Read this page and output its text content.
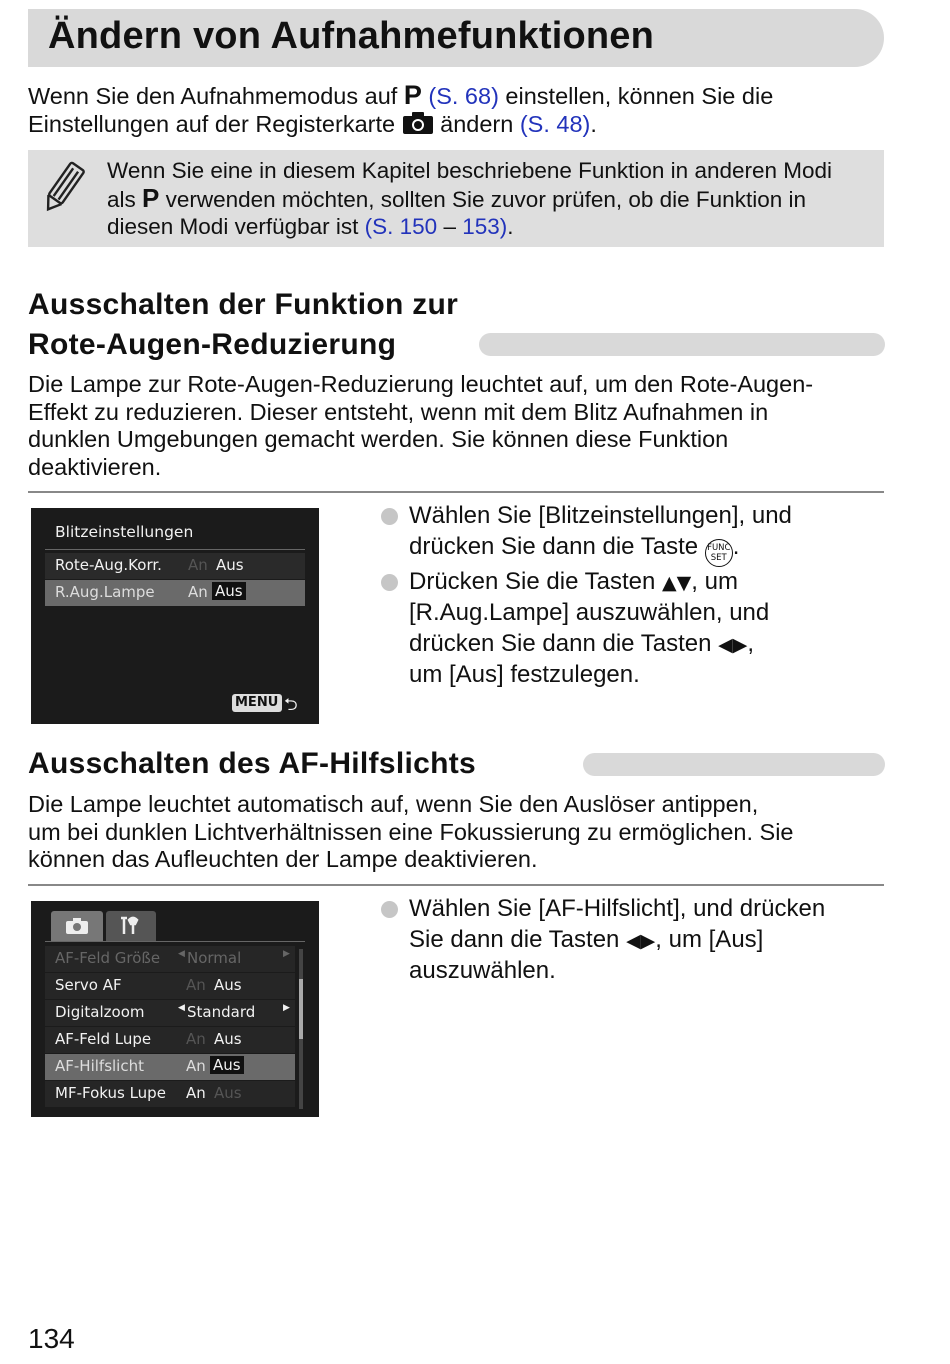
Ändern von Aufnahmefunktionen
Wenn Sie den Aufnahmemodus auf P (S. 68) einstellen, können Sie die
Einstellungen auf der Registerkarte  ändern (S. 48).
Wenn Sie eine in diesem Kapitel beschriebene Funktion in anderen Modi
als P verwenden möchten, sollten Sie zuvor prüfen, ob die Funktion in
diesen Modi verfügbar ist (S. 150 – 153).
Ausschalten der Funktion zur
Rote-Augen-Reduzierung
Die Lampe zur Rote-Augen-Reduzierung leuchtet auf, um den Rote-Augen-
Effekt zu reduzieren. Dieser entsteht, wenn mit dem Blitz Aufnahmen in
dunklen Umgebungen gemacht werden. Sie können diese Funktion
deaktivieren.
Blitzeinstellungen
Rote-Aug.Korr. An Aus
R.Aug.Lampe An Aus
MENU ⮌
Wählen Sie [Blitzeinstellungen], und
drücken Sie dann die Taste FUNC
SET .
Drücken Sie die Tasten ▲▼, um
[R.Aug.Lampe] auszuwählen, und
drücken Sie dann die Tasten ◀▶,
um [Aus] festzulegen.
Ausschalten des AF-Hilfslichts
Die Lampe leuchtet automatisch auf, wenn Sie den Auslöser antippen,
um bei dunklen Lichtverhältnissen eine Fokussierung zu ermöglichen. Sie
können das Aufleuchten der Lampe deaktivieren.
AF-Feld Größe ◀ Normal	▶
Servo AF	An Aus
Digitalzoom	◀ Standard	▶
AF-Feld Lupe An Aus
AF-Hilfslicht	An Aus
MF-Fokus Lupe An Aus
Wählen Sie [AF-Hilfslicht], und drücken
Sie dann die Tasten ◀▶, um [Aus]
auszuwählen.
134
